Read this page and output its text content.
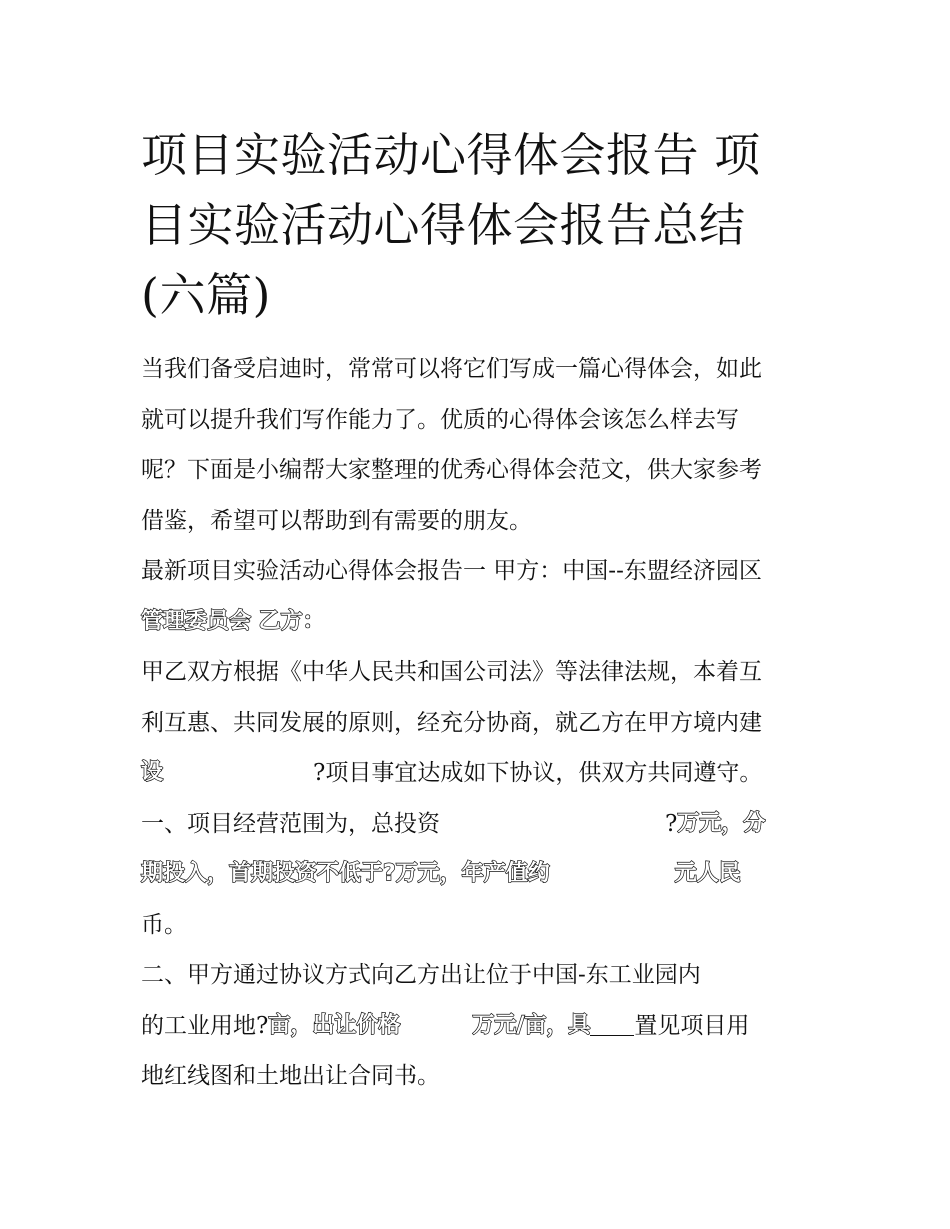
项目实验活动心得体会报告 项
目实验活动心得体会报告总结
(六篇)
当我们备受启迪时，常常可以将它们写成一篇心得体会，如此
就可以提升我们写作能力了。优质的心得体会该怎么样去写
呢？下面是小编帮大家整理的优秀心得体会范文，供大家参考
借鉴，希望可以帮助到有需要的朋友。
最新项目实验活动心得体会报告一 甲方：中国--东盟经济园区
管理委员会 乙方：
甲乙双方根据《中华人民共和国公司法》等法律法规，本着互
利互惠、共同发展的原则，经充分协商，就乙方在甲方境内建
设	?项目事宜达成如下协议，供双方共同遵守。
一、项目经营范围为，总投资	? 万元，分
期投入，首期投资不低于?万元，年产值约	元人民
币。
二、甲方通过协议方式向乙方出让位于中国-东工业园内
的工业用地? 亩，出让价格	万元/亩，具 置见项目用
地红线图和土地出让合同书。
